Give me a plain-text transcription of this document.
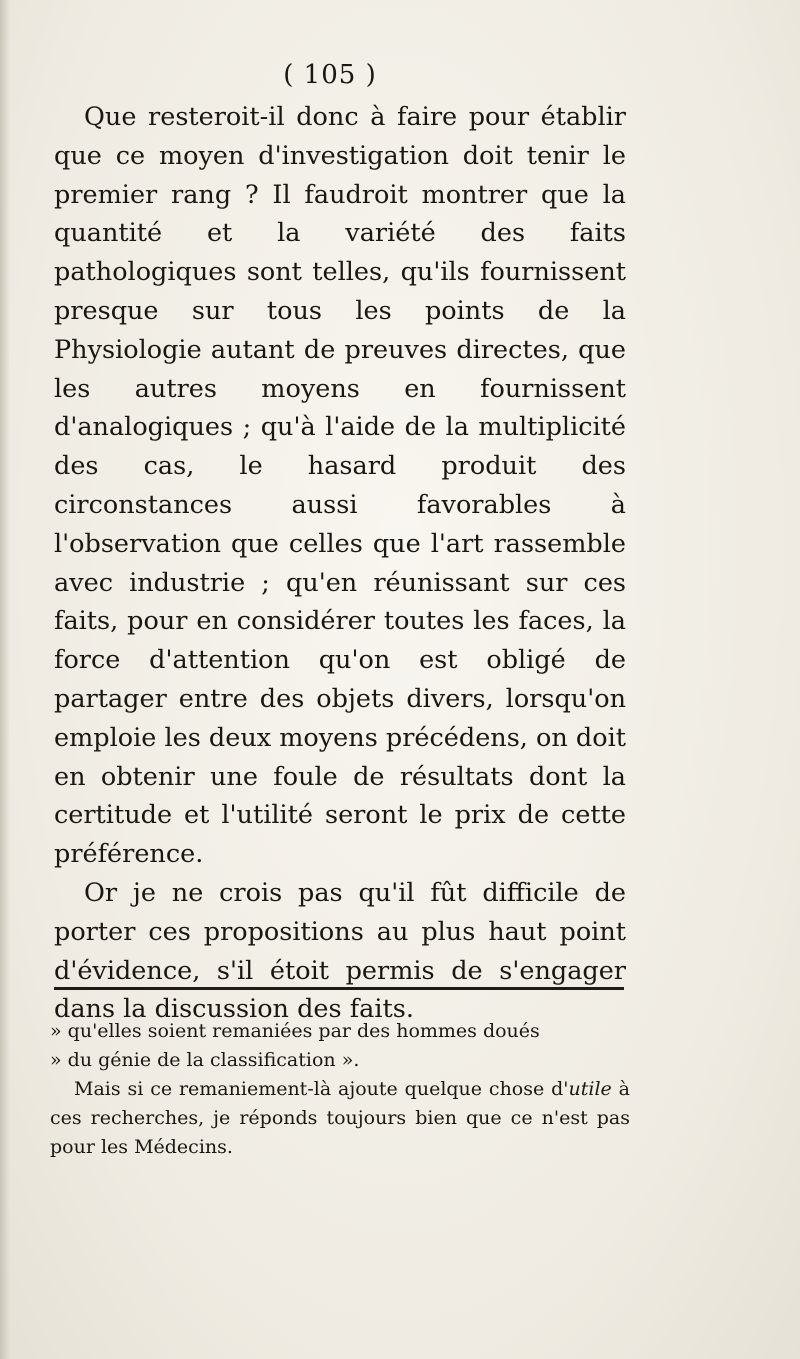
( 105 )

Que resteroit-il donc à faire pour établir que ce moyen d'investigation doit tenir le premier rang ? Il faudroit montrer que la quantité et la variété des faits pathologiques sont telles, qu'ils fournissent presque sur tous les points de la Physiologie autant de preuves directes, que les autres moyens en fournissent d'analogiques ; qu'à l'aide de la multiplicité des cas, le hasard produit des circonstances aussi favorables à l'observation que celles que l'art rassemble avec industrie ; qu'en réunissant sur ces faits, pour en considérer toutes les faces, la force d'attention qu'on est obligé de partager entre des objets divers, lorsqu'on emploie les deux moyens précédens, on doit en obtenir une foule de résultats dont la certitude et l'utilité seront le prix de cette préférence.

Or je ne crois pas qu'il fût difficile de porter ces propositions au plus haut point d'évidence, s'il étoit permis de s'engager dans la discussion des faits.

» qu'elles soient remaniées par des hommes doués

» du génie de la classification ».

Mais si ce remaniement-là ajoute quelque chose d'utile à ces recherches, je réponds toujours bien que ce n'est pas pour les Médecins.
